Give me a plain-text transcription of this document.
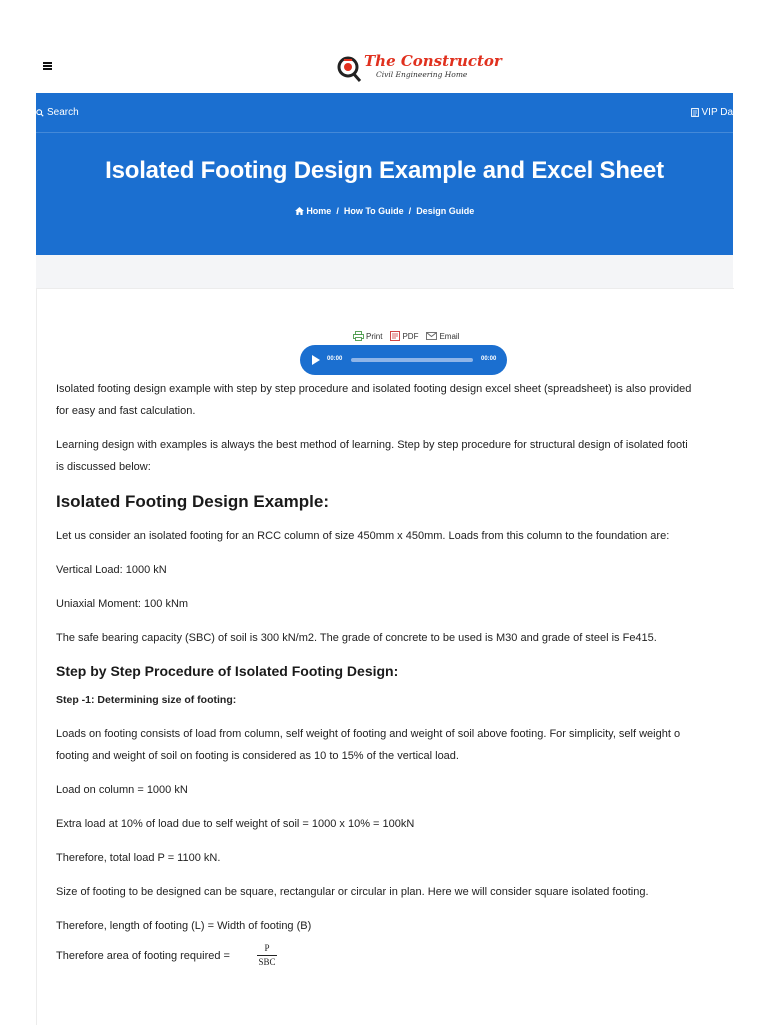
The Constructor
Civil Engineering Home
Search	VIP Da
Isolated Footing Design Example and Excel Sheet
Home / How To Guide / Design Guide
Print	PDF	Email
00:00	00:00

Isolated footing design example with step by step procedure and isolated footing design excel sheet (spreadsheet) is also provided

for easy and fast calculation.

Learning design with examples is always the best method of learning. Step by step procedure for structural design of isolated footi

is discussed below:

Isolated Footing Design Example:

Let us consider an isolated footing for an RCC column of size 450mm x 450mm. Loads from this column to the foundation are:

Vertical Load: 1000 kN

Uniaxial Moment: 100 kNm

The safe bearing capacity (SBC) of soil is 300 kN/m2. The grade of concrete to be used is M30 and grade of steel is Fe415.

Step by Step Procedure of Isolated Footing Design:

Step -1: Determining size of footing:

Loads on footing consists of load from column, self weight of footing and weight of soil above footing. For simplicity, self weight o

footing and weight of soil on footing is considered as 10 to 15% of the vertical load.

Load on column = 1000 kN

Extra load at 10% of load due to self weight of soil = 1000 x 10% = 100kN

Therefore, total load P = 1100 kN.

Size of footing to be designed can be square, rectangular or circular in plan. Here we will consider square isolated footing.

Therefore, length of footing (L) = Width of footing (B)

Therefore area of footing required =	$\frac{P}{\text{SBC}}$
